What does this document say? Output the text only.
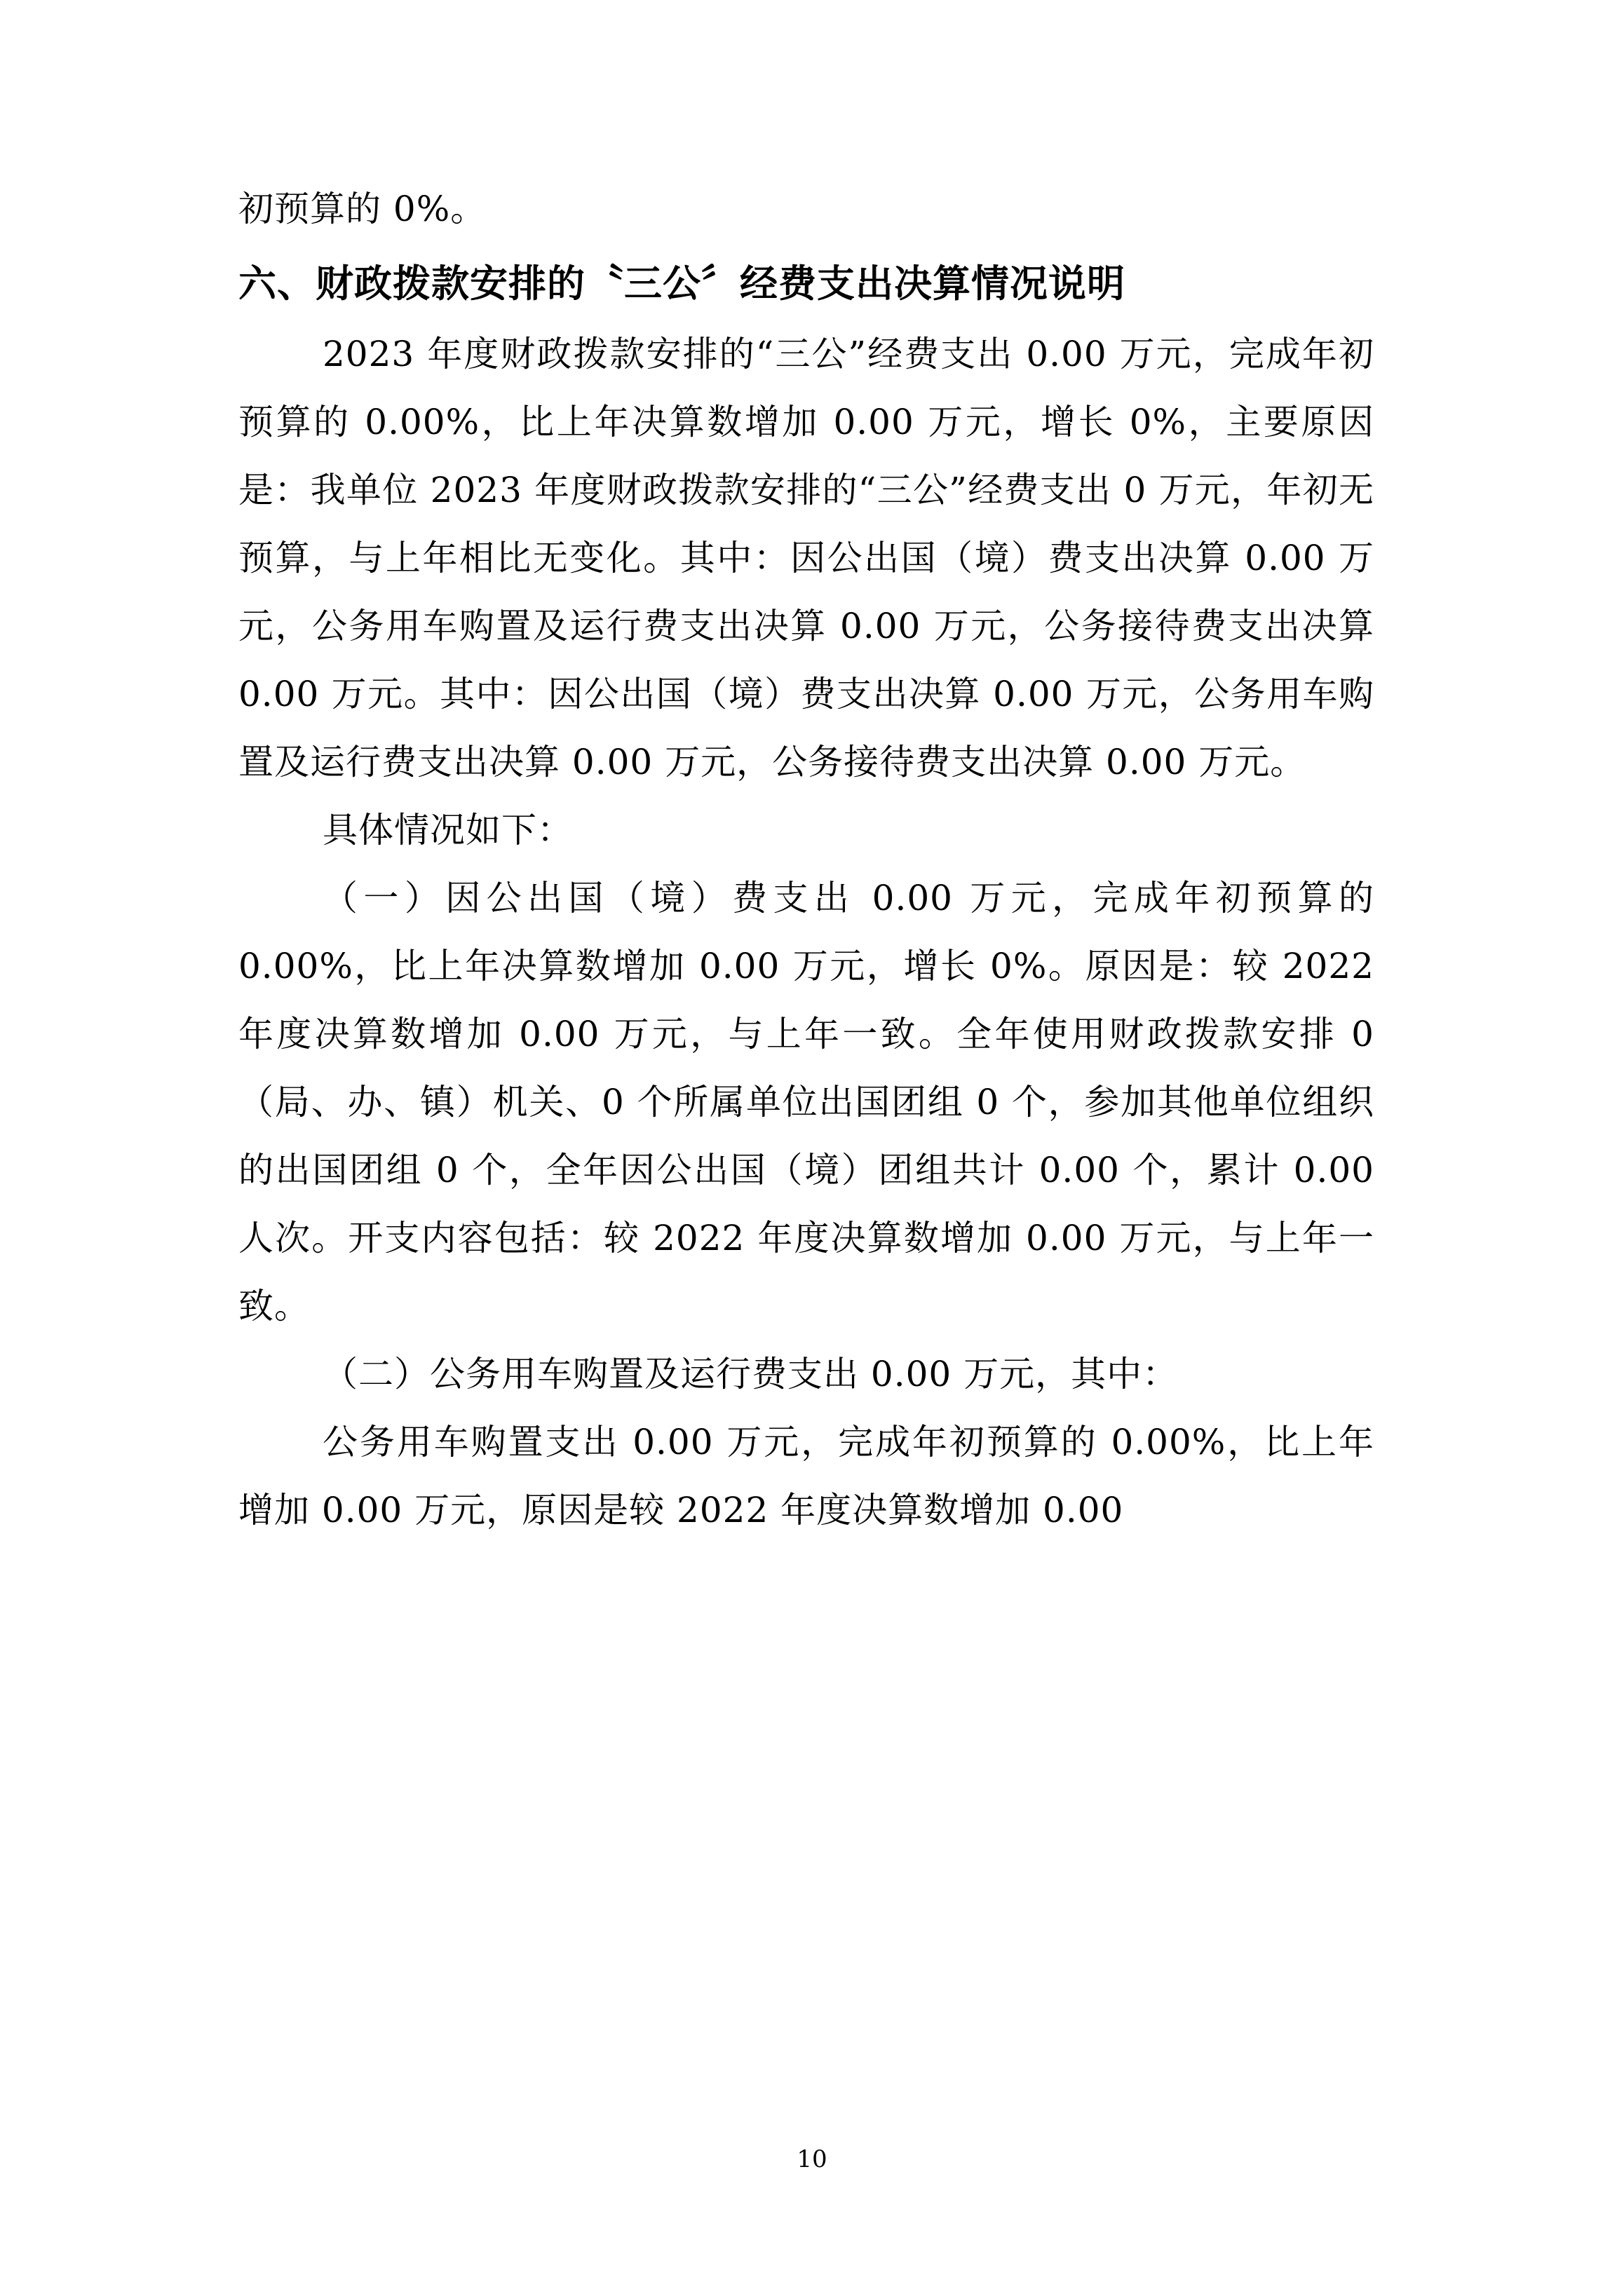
初预算的 0%。

六、财政拨款安排的〝三公〞经费支出决算情况说明

2023 年度财政拨款安排的“三公”经费支出 0.00 万元，完成年初预算的 0.00%，比上年决算数增加 0.00 万元，增长 0%，主要原因是：我单位 2023 年度财政拨款安排的“三公”经费支出 0 万元，年初无预算，与上年相比无变化。其中：因公出国（境）费支出决算 0.00 万元，公务用车购置及运行费支出决算 0.00 万元，公务接待费支出决算 0.00 万元。其中：因公出国（境）费支出决算 0.00 万元，公务用车购置及运行费支出决算 0.00 万元，公务接待费支出决算 0.00 万元。

具体情况如下：

（一）因公出国（境）费支出 0.00 万元，完成年初预算的 0.00%，比上年决算数增加 0.00 万元，增长 0%。原因是：较 2022 年度决算数增加 0.00 万元，与上年一致。全年使用财政拨款安排 0（局、办、镇）机关、0 个所属单位出国团组 0 个，参加其他单位组织的出国团组 0 个，全年因公出国（境）团组共计 0.00 个，累计 0.00 人次。开支内容包括：较 2022 年度决算数增加 0.00 万元，与上年一致。

（二）公务用车购置及运行费支出 0.00 万元，其中：

公务用车购置支出 0.00 万元，完成年初预算的 0.00%，比上年增加 0.00 万元，原因是较 2022 年度决算数增加 0.00

10
